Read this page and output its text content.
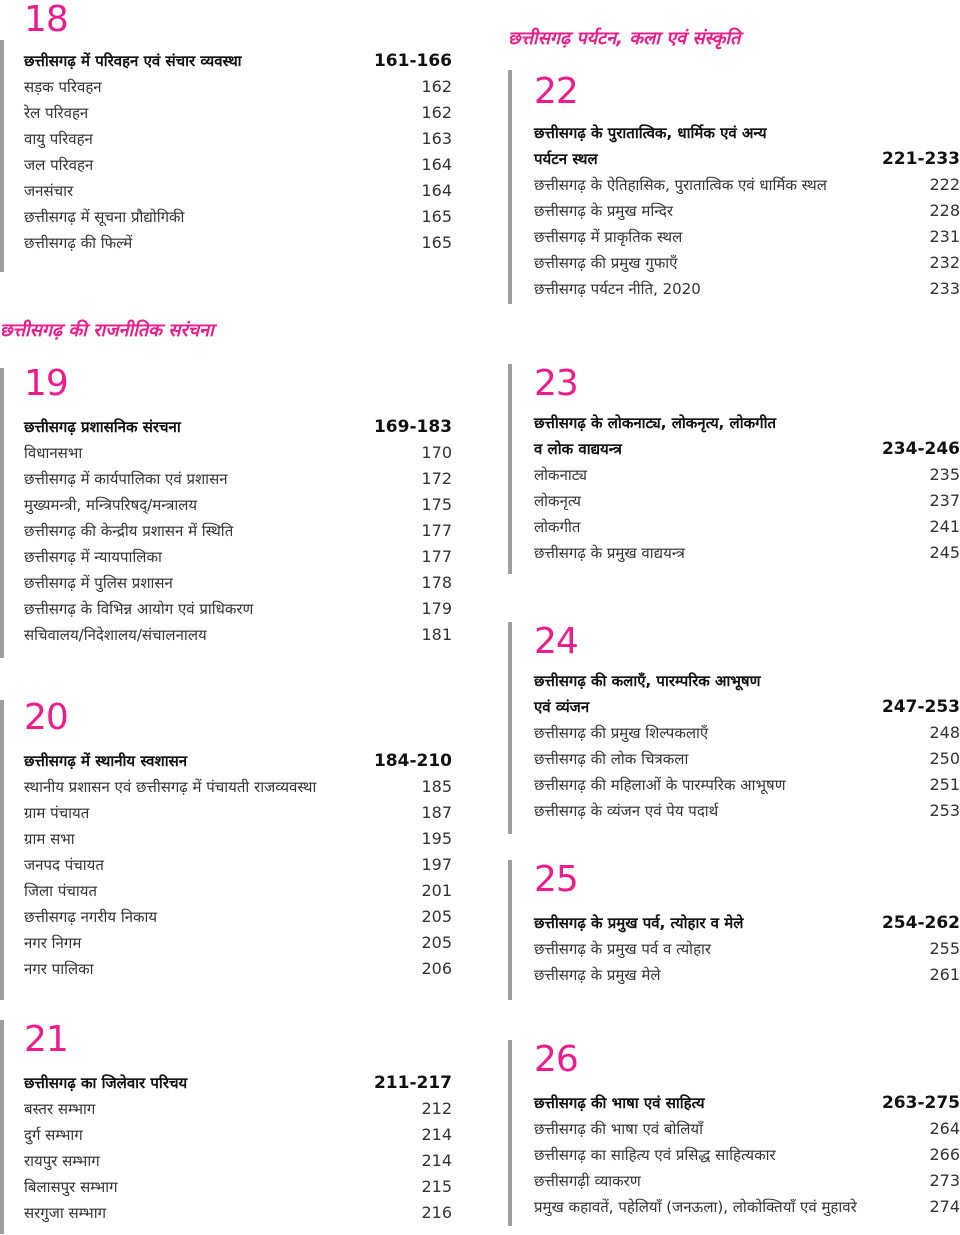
18
छत्तीसगढ़ में परिवहन एवं संचार व्यवस्था	161-166
सड़क परिवहन	162
रेल परिवहन	162
वायु परिवहन	163
जल परिवहन	164
जनसंचार	164
छत्तीसगढ़ में सूचना प्रौद्योगिकी	165
छत्तीसगढ़ की फिल्में	165
छत्तीसगढ़ की राजनीतिक सरंचना
19
छत्तीसगढ़ प्रशासनिक संरचना	169-183
विधानसभा	170
छत्तीसगढ़ में कार्यपालिका एवं प्रशासन	172
मुख्यमन्त्री, मन्त्रिपरिषद्/मन्त्रालय	175
छत्तीसगढ़ की केन्द्रीय प्रशासन में स्थिति	177
छत्तीसगढ़ में न्यायपालिका	177
छत्तीसगढ़ में पुलिस प्रशासन	178
छत्तीसगढ़ के विभिन्न आयोग एवं प्राधिकरण	179
सचिवालय/निदेशालय/संचालनालय	181
20
छत्तीसगढ़ में स्थानीय स्वशासन	184-210
स्थानीय प्रशासन एवं छत्तीसगढ़ में पंचायती राजव्यवस्था	185
ग्राम पंचायत	187
ग्राम सभा	195
जनपद पंचायत	197
जिला पंचायत	201
छत्तीसगढ़ नगरीय निकाय	205
नगर निगम	205
नगर पालिका	206
21
छत्तीसगढ़ का जिलेवार परिचय	211-217
बस्तर सम्भाग	212
दुर्ग सम्भाग	214
रायपुर सम्भाग	214
बिलासपुर सम्भाग	215
सरगुजा सम्भाग	216
छत्तीसगढ़ पर्यटन, कला एवं संस्कृति
22
छत्तीसगढ़ के पुरातात्विक, धार्मिक एवं अन्य
पर्यटन स्थल	221-233
छत्तीसगढ़ के ऐतिहासिक, पुरातात्विक एवं धार्मिक स्थल	222
छत्तीसगढ़ के प्रमुख मन्दिर	228
छत्तीसगढ़ में प्राकृतिक स्थल	231
छत्तीसगढ़ की प्रमुख गुफाएँ	232
छत्तीसगढ़ पर्यटन नीति, 2020	233
23
छत्तीसगढ़ के लोकनाट्य, लोकनृत्य, लोकगीत
व लोक वाद्ययन्त्र	234-246
लोकनाट्य	235
लोकनृत्य	237
लोकगीत	241
छत्तीसगढ़ के प्रमुख वाद्ययन्त्र	245
24
छत्तीसगढ़ की कलाएँ, पारम्परिक आभूषण
एवं व्यंजन	247-253
छत्तीसगढ़ की प्रमुख शिल्पकलाएँ	248
छत्तीसगढ़ की लोक चित्रकला	250
छत्तीसगढ़ की महिलाओं के पारम्परिक आभूषण	251
छत्तीसगढ़ के व्यंजन एवं पेय पदार्थ	253
25
छत्तीसगढ़ के प्रमुख पर्व, त्योहार व मेले	254-262
छत्तीसगढ़ के प्रमुख पर्व व त्योहार	255
छत्तीसगढ़ के प्रमुख मेले	261
26
छत्तीसगढ़ की भाषा एवं साहित्य	263-275
छत्तीसगढ़ की भाषा एवं बोलियाँ	264
छत्तीसगढ़ का साहित्य एवं प्रसिद्ध साहित्यकार	266
छत्तीसगढ़ी व्याकरण	273
प्रमुख कहावतें, पहेलियाँ (जनऊला), लोकोक्तियाँ एवं मुहावरे	274
